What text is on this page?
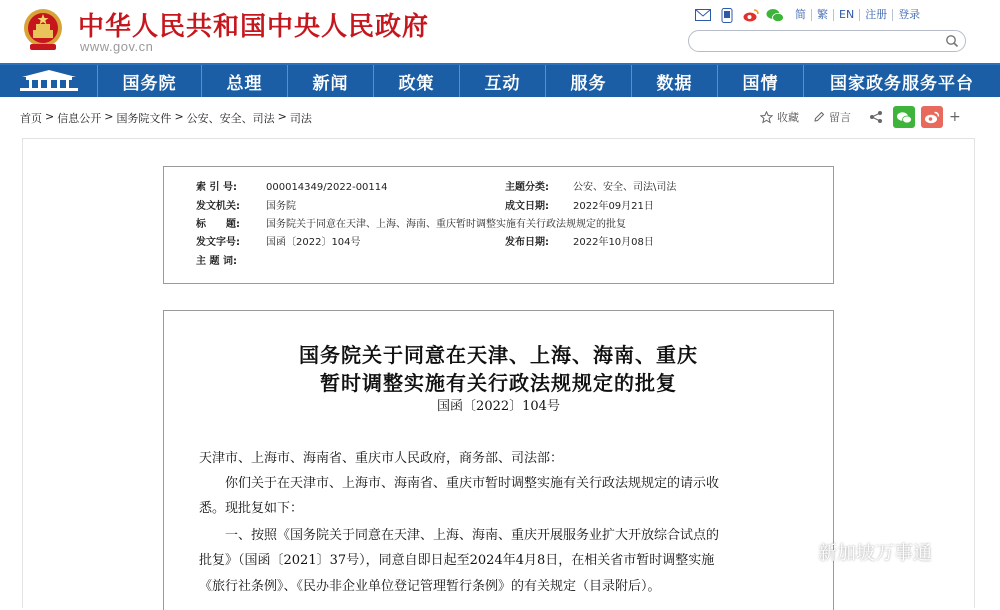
中华人民共和国中央人民政府
www.gov.cn
简	繁	EN	注册	登录
国务院	总理	新闻	政策	互动	服务	数据	国情	国家政务服务平台
首页 > 信息公开 > 国务院文件 > 公安、安全、司法 > 司法	收藏	留言	+
索 引 号:	000014349/2022-00114	主题分类: 公安、安全、司法\司法
发文机关:	国务院	成文日期: 2022年09月21日
标　　题:	国务院关于同意在天津、上海、海南、重庆暂时调整实施有关行政法规规定的批复
发文字号:	国函〔2022〕104号	发布日期: 2022年10月08日
主 题 词:
国务院关于同意在天津、上海、海南、重庆
暂时调整实施有关行政法规规定的批复
国函〔2022〕104号
天津市、上海市、海南省、重庆市人民政府，商务部、司法部：
　　你们关于在天津市、上海市、海南省、重庆市暂时调整实施有关行政法规规定的请示收
悉。现批复如下：
　　一、按照《国务院关于同意在天津、上海、海南、重庆开展服务业扩大开放综合试点的
批复》（国函〔2021〕37号），同意自即日起至2024年4月8日，在相关省市暂时调整实施
《旅行社条例》、《民办非企业单位登记管理暂行条例》的有关规定（目录附后）。
新加坡万事通
